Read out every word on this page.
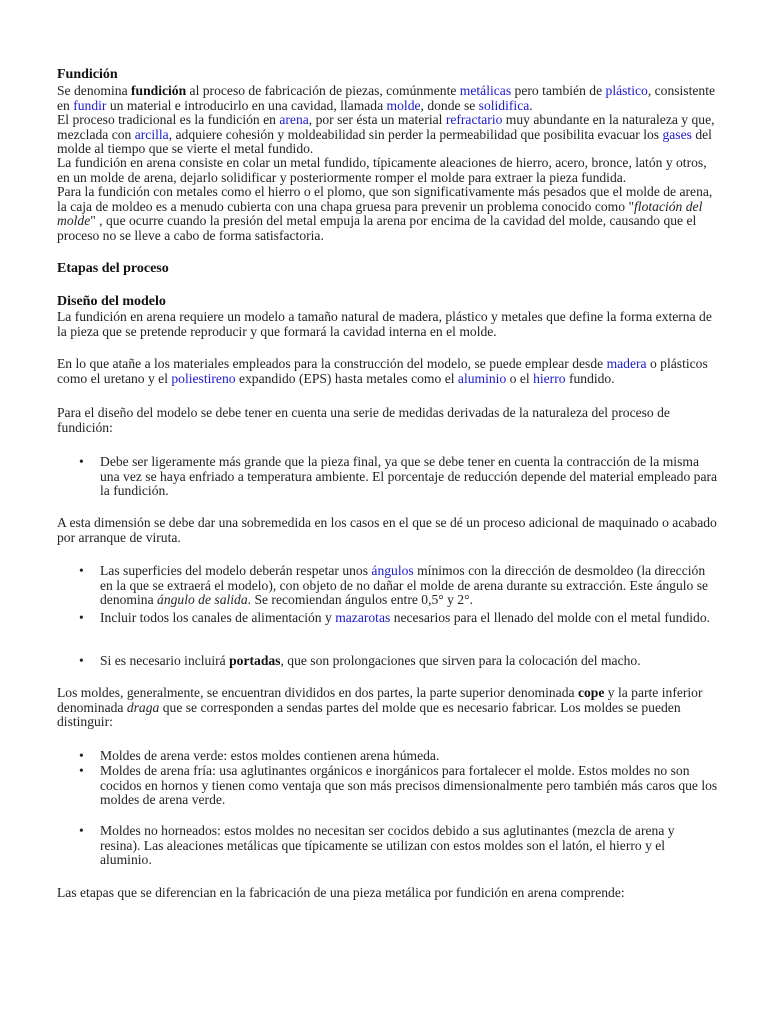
Fundición
Se denomina fundición al proceso de fabricación de piezas, comúnmente metálicas pero también de plástico, consistente en fundir un material e introducirlo en una cavidad, llamada molde, donde se solidifica.
El proceso tradicional es la fundición en arena, por ser ésta un material refractario muy abundante en la naturaleza y que, mezclada con arcilla, adquiere cohesión y moldeabilidad sin perder la permeabilidad que posibilita evacuar los gases del molde al tiempo que se vierte el metal fundido.
La fundición en arena consiste en colar un metal fundido, típicamente aleaciones de hierro, acero, bronce, latón y otros, en un molde de arena, dejarlo solidificar y posteriormente romper el molde para extraer la pieza fundida.
Para la fundición con metales como el hierro o el plomo, que son significativamente más pesados que el molde de arena, la caja de moldeo es a menudo cubierta con una chapa gruesa para prevenir un problema conocido como "flotación del molde" , que ocurre cuando la presión del metal empuja la arena por encima de la cavidad del molde, causando que el proceso no se lleve a cabo de forma satisfactoria.
Etapas del proceso
Diseño del modelo
La fundición en arena requiere un modelo a tamaño natural de madera, plástico y metales que define la forma externa de la pieza que se pretende reproducir y que formará la cavidad interna en el molde.
En lo que atañe a los materiales empleados para la construcción del modelo, se puede emplear desde madera o plásticos como el uretano y el poliestireno expandido (EPS) hasta metales como el aluminio o el hierro fundido.
Para el diseño del modelo se debe tener en cuenta una serie de medidas derivadas de la naturaleza del proceso de fundición:
• Debe ser ligeramente más grande que la pieza final, ya que se debe tener en cuenta la contracción de la misma una vez se haya enfriado a temperatura ambiente. El porcentaje de reducción depende del material empleado para la fundición.
A esta dimensión se debe dar una sobremedida en los casos en el que se dé un proceso adicional de maquinado o acabado por arranque de viruta.
• Las superficies del modelo deberán respetar unos ángulos mínimos con la dirección de desmoldeo (la dirección en la que se extraerá el modelo), con objeto de no dañar el molde de arena durante su extracción. Este ángulo se denomina ángulo de salida. Se recomiendan ángulos entre 0,5° y 2°.
• Incluir todos los canales de alimentación y mazarotas necesarios para el llenado del molde con el metal fundido.
• Si es necesario incluirá portadas, que son prolongaciones que sirven para la colocación del macho.
Los moldes, generalmente, se encuentran divididos en dos partes, la parte superior denominada cope y la parte inferior denominada draga que se corresponden a sendas partes del molde que es necesario fabricar. Los moldes se pueden distinguir:
• Moldes de arena verde: estos moldes contienen arena húmeda.
• Moldes de arena fría: usa aglutinantes orgánicos e inorgánicos para fortalecer el molde. Estos moldes no son cocidos en hornos y tienen como ventaja que son más precisos dimensionalmente pero también más caros que los moldes de arena verde.
• Moldes no horneados: estos moldes no necesitan ser cocidos debido a sus aglutinantes (mezcla de arena y resina). Las aleaciones metálicas que típicamente se utilizan con estos moldes son el latón, el hierro y el aluminio.
Las etapas que se diferencian en la fabricación de una pieza metálica por fundición en arena comprende:
